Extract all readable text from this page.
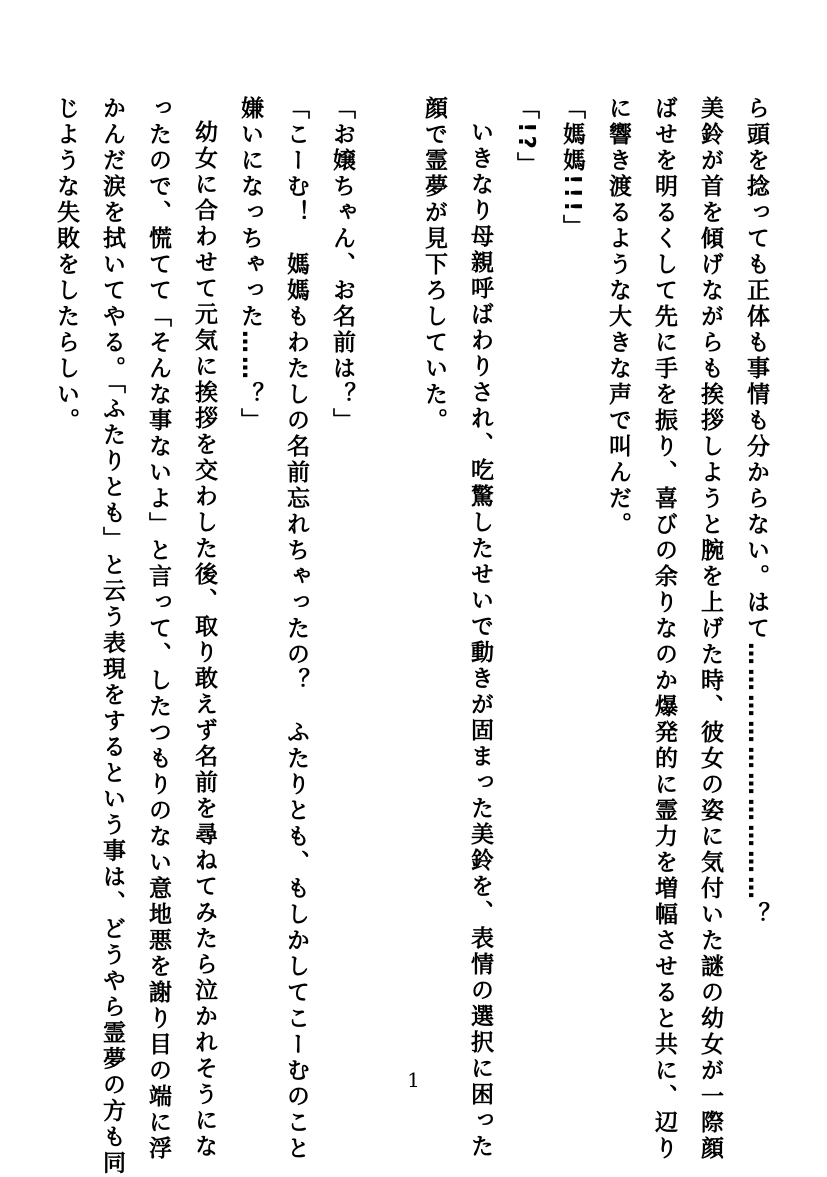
ら頭を捻っても正体も事情も分からない。はて…………………………？
美鈴が首を傾げながらも挨拶しようと腕を上げた時、彼女の姿に気付いた謎の幼女が一際顔
ばせを明るくして先に手を振り、喜びの余りなのか爆発的に霊力を増幅させると共に、辺り
に響き渡るような大きな声で叫んだ。
「媽媽!!!」
「!?」
いきなり母親呼ばわりされ、吃驚したせいで動きが固まった美鈴を、表情の選択に困った
顔で霊夢が見下ろしていた。
「お嬢ちゃん、お名前は？」
「こーむ！　媽媽もわたしの名前忘れちゃったの？　ふたりとも、もしかしてこーむのこと
嫌いになっちゃった……？」
幼女に合わせて元気に挨拶を交わした後、取り敢えず名前を尋ねてみたら泣かれそうにな
ったので、慌てて「そんな事ないよ」と言って、したつもりのない意地悪を謝り目の端に浮
かんだ涙を拭いてやる。「ふたりとも」と云う表現をするという事は、どうやら霊夢の方も同
じような失敗をしたらしい。
1
